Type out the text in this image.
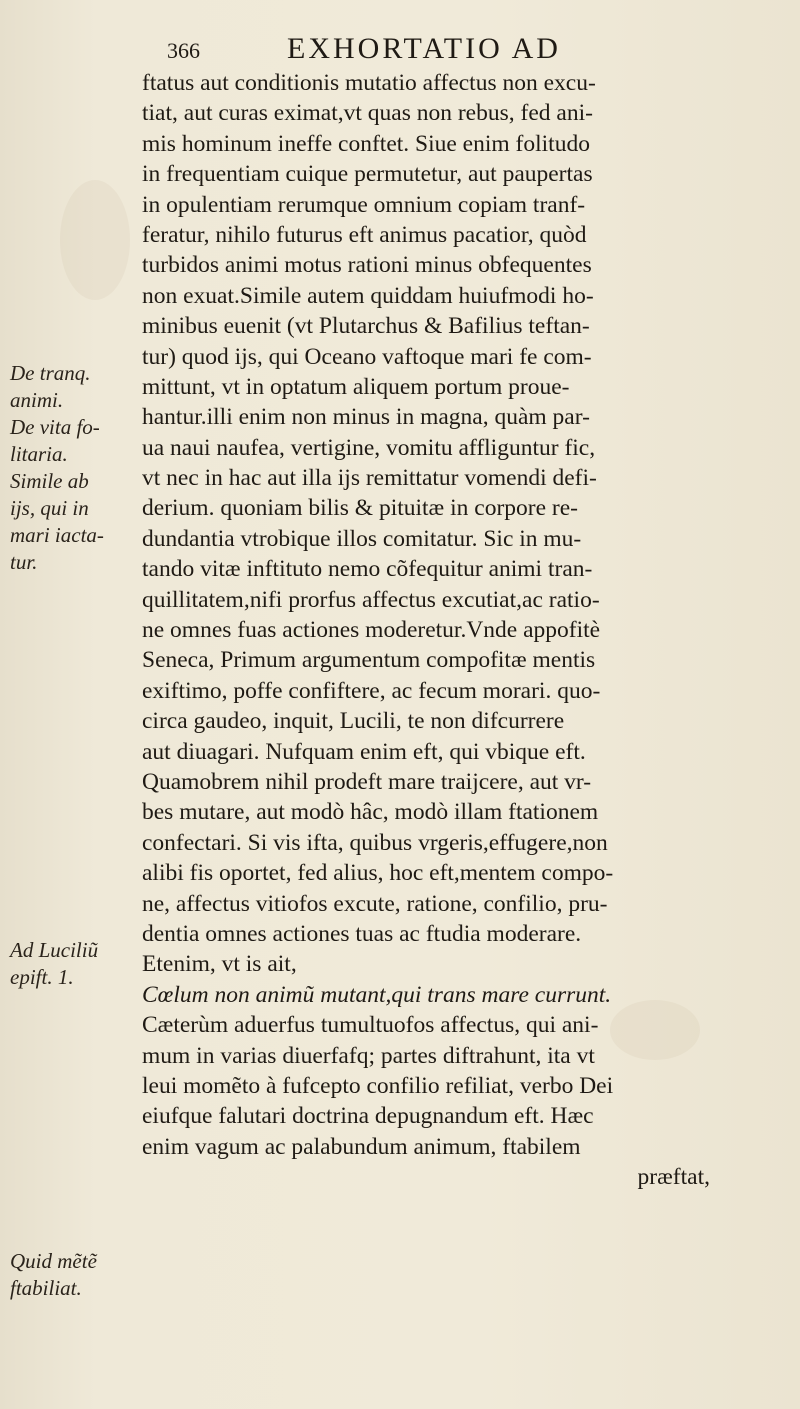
366	EXHORTATIO AD
ftatus aut conditionis mutatio affectus non excu-
tiat, aut curas eximat,vt quas non rebus, fed ani-
mis hominum ineffe conftet. Siue enim folitudo
in frequentiam cuique permutetur, aut paupertas
in opulentiam rerumque omnium copiam tranf-
feratur, nihilo futurus eft animus pacatior, quòd
turbidos animi motus rationi minus obfequentes
non exuat.Simile autem quiddam huiufmodi ho-
minibus euenit (vt Plutarchus & Bafilius teftan-
tur) quod ijs, qui Oceano vaftoque mari fe com-
mittunt, vt in optatum aliquem portum proue-
hantur.illi enim non minus in magna, quàm par-
ua naui naufea, vertigine, vomitu affliguntur fic,
vt nec in hac aut illa ijs remittatur vomendi defi-
derium. quoniam bilis & pituitæ in corpore re-
dundantia vtrobique illos comitatur. Sic in mu-
tando vitæ inftituto nemo cõfequitur animi tran-
quillitatem,nifi prorfus affectus excutiat,ac ratio-
ne omnes fuas actiones moderetur.Vnde appofitè
Seneca, Primum argumentum compofitæ mentis
exiftimo, poffe confiftere, ac fecum morari. quo-
circa gaudeo, inquit, Lucili, te non difcurrere
aut diuagari. Nufquam enim eft, qui vbique eft.
Quamobrem nihil prodeft mare traijcere, aut vr-
bes mutare, aut modò hâc, modò illam ftationem
confectari. Si vis ifta, quibus vrgeris,effugere,non
alibi fis oportet, fed alius, hoc eft,mentem compo-
ne, affectus vitiofos excute, ratione, confilio, pru-
dentia omnes actiones tuas ac ftudia moderare.
Etenim, vt is ait,
Cœlum non animũ mutant,qui trans mare currunt.
Cæterùm aduerfus tumultuofos affectus, qui ani-
mum in varias diuerfafq; partes diftrahunt, ita vt
leui momẽto à fufcepto confilio refiliat, verbo Dei
eiufque falutari doctrina depugnandum eft. Hæc
enim vagum ac palabundum animum, ftabilem
præftat,
De tranq.
animi.
De vita fo-
litaria.
Simile ab
ijs, qui in
mari iacta-
tur.
Ad Luciliũ
epift. 1.
Quid mẽtẽ
ftabiliat.
